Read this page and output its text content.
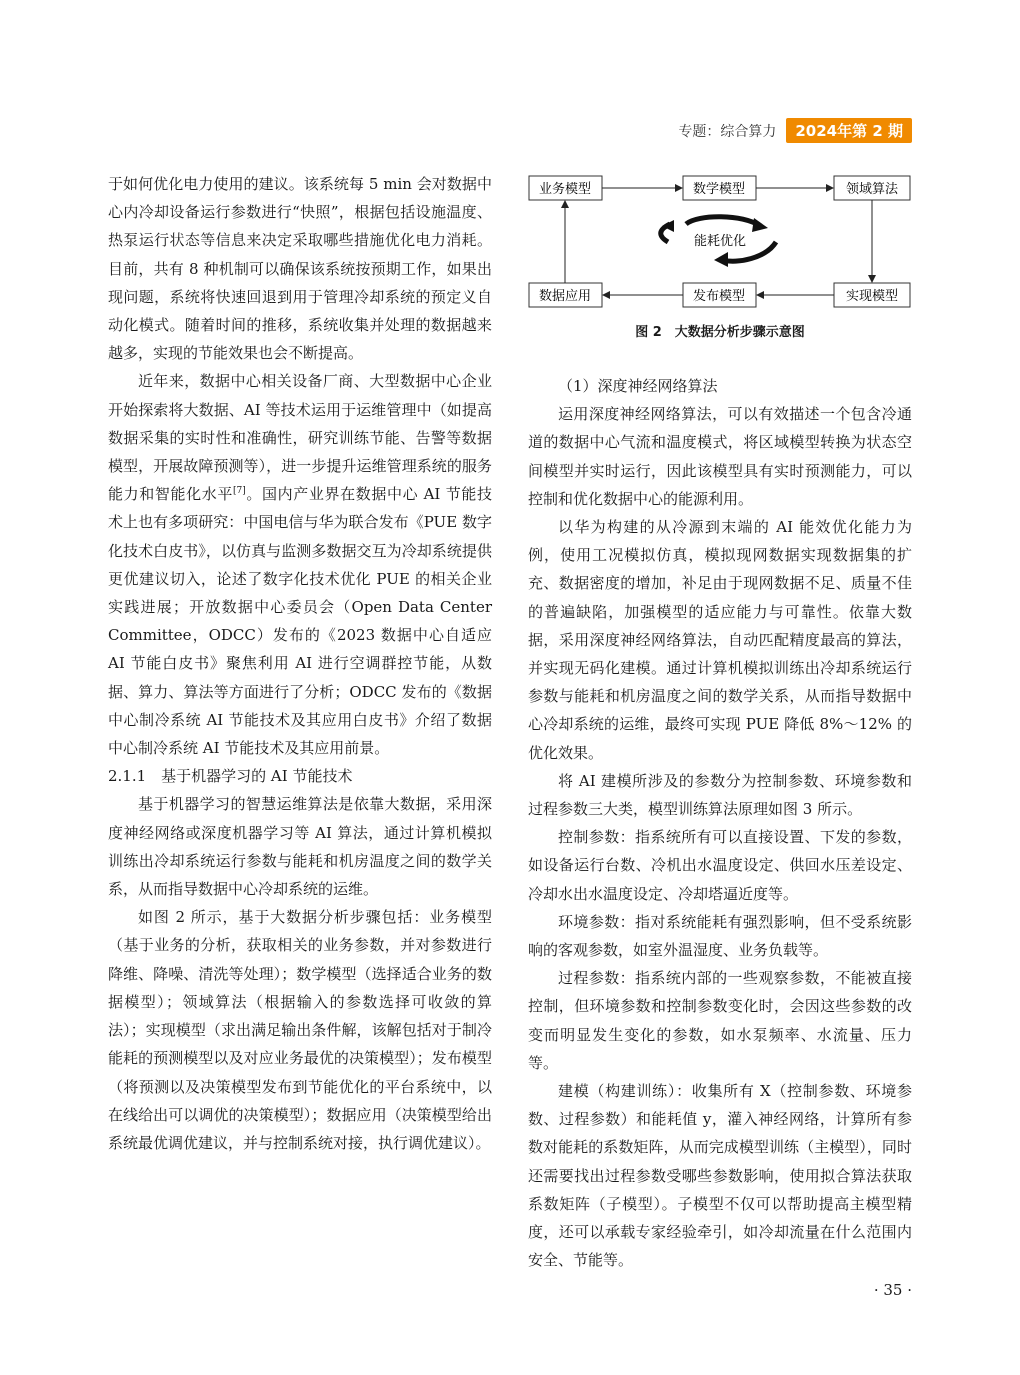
专题：综合算力	2024年第 2 期

于如何优化电力使用的建议。该系统每 5 min 会对数据中心内冷却设备运行参数进行“快照”，根据包括设施温度、热泵运行状态等信息来决定采取哪些措施优化电力消耗。目前，共有 8 种机制可以确保该系统按预期工作，如果出现问题，系统将快速回退到用于管理冷却系统的预定义自动化模式。随着时间的推移，系统收集并处理的数据越来越多，实现的节能效果也会不断提高。

近年来，数据中心相关设备厂商、大型数据中心企业开始探索将大数据、AI 等技术运用于运维管理中（如提高数据采集的实时性和准确性，研究训练节能、告警等数据模型，开展故障预测等），进一步提升运维管理系统的服务能力和智能化水平[7]。国内产业界在数据中心 AI 节能技术上也有多项研究：中国电信与华为联合发布《PUE 数字化技术白皮书》，以仿真与监测多数据交互为冷却系统提供更优建议切入，论述了数字化技术优化 PUE 的相关企业实践进展；开放数据中心委员会（Open Data Center Committee，ODCC）发布的《2023 数据中心自适应 AI 节能白皮书》聚焦利用 AI 进行空调群控节能，从数据、算力、算法等方面进行了分析；ODCC 发布的《数据中心制冷系统 AI 节能技术及其应用白皮书》介绍了数据中心制冷系统 AI 节能技术及其应用前景。

2.1.1　基于机器学习的 AI 节能技术

基于机器学习的智慧运维算法是依靠大数据，采用深度神经网络或深度机器学习等 AI 算法，通过计算机模拟训练出冷却系统运行参数与能耗和机房温度之间的数学关系，从而指导数据中心冷却系统的运维。

如图 2 所示，基于大数据分析步骤包括：业务模型（基于业务的分析，获取相关的业务参数，并对参数进行降维、降噪、清洗等处理）；数学模型（选择适合业务的数据模型）；领域算法（根据输入的参数选择可收敛的算法）；实现模型（求出满足输出条件解，该解包括对于制冷能耗的预测模型以及对应业务最优的决策模型）；发布模型（将预测以及决策模型发布到节能优化的平台系统中，以在线给出可以调优的决策模型）；数据应用（决策模型给出系统最优调优建议，并与控制系统对接，执行调优建议）。

业务模型	数学模型	领域算法
数据应用	发布模型	实现模型
能耗优化
图 2　大数据分析步骤示意图

（1）深度神经网络算法

运用深度神经网络算法，可以有效描述一个包含冷通道的数据中心气流和温度模式，将区域模型转换为状态空间模型并实时运行，因此该模型具有实时预测能力，可以控制和优化数据中心的能源利用。

以华为构建的从冷源到末端的 AI 能效优化能力为例，使用工况模拟仿真，模拟现网数据实现数据集的扩充、数据密度的增加，补足由于现网数据不足、质量不佳的普遍缺陷，加强模型的适应能力与可靠性。依靠大数据，采用深度神经网络算法，自动匹配精度最高的算法，并实现无码化建模。通过计算机模拟训练出冷却系统运行参数与能耗和机房温度之间的数学关系，从而指导数据中心冷却系统的运维，最终可实现 PUE 降低 8%～12% 的优化效果。

将 AI 建模所涉及的参数分为控制参数、环境参数和过程参数三大类，模型训练算法原理如图 3 所示。

控制参数：指系统所有可以直接设置、下发的参数，如设备运行台数、冷机出水温度设定、供回水压差设定、冷却水出水温度设定、冷却塔逼近度等。

环境参数：指对系统能耗有强烈影响，但不受系统影响的客观参数，如室外温湿度、业务负载等。

过程参数：指系统内部的一些观察参数，不能被直接控制，但环境参数和控制参数变化时，会因这些参数的改变而明显发生变化的参数，如水泵频率、水流量、压力等。

建模（构建训练）：收集所有 X（控制参数、环境参数、过程参数）和能耗值 y，灌入神经网络，计算所有参数对能耗的系数矩阵，从而完成模型训练（主模型），同时还需要找出过程参数受哪些参数影响，使用拟合算法获取系数矩阵（子模型）。子模型不仅可以帮助提高主模型精度，还可以承载专家经验牵引，如冷却流量在什么范围内安全、节能等。

· 35 ·
